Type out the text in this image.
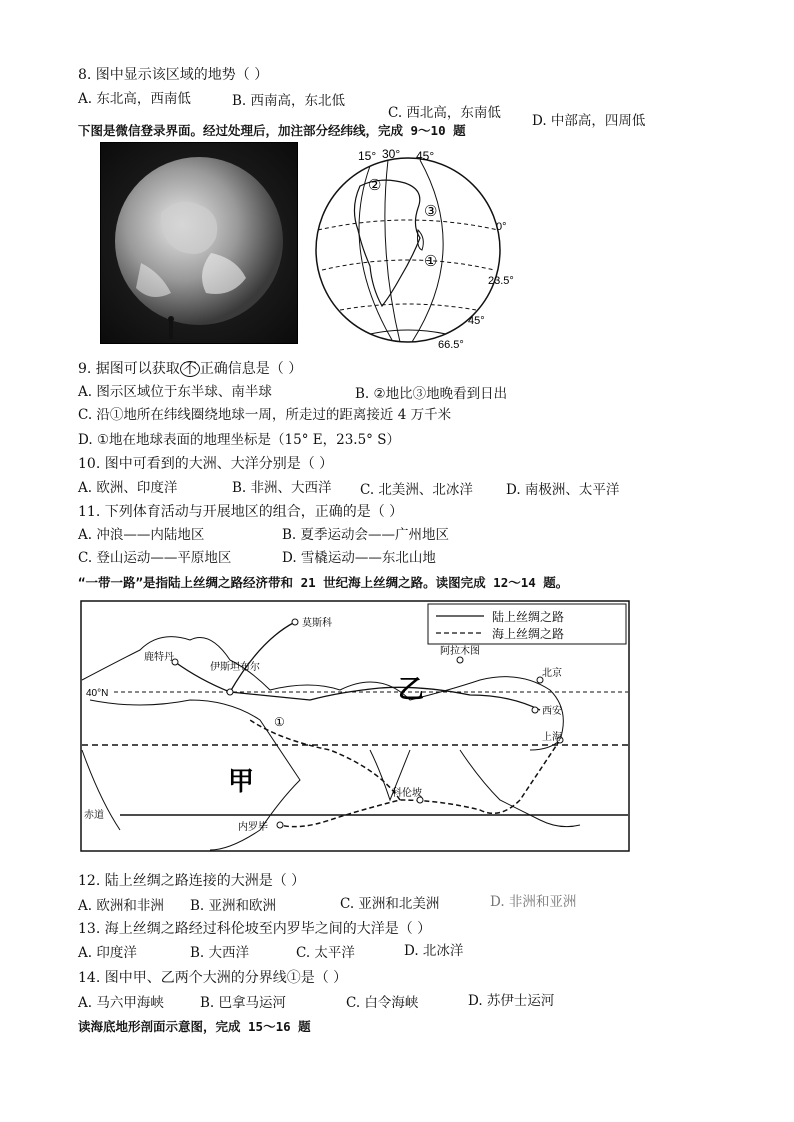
8. 图中显示该区域的地势（ ）
A. 东北高，西南低	B. 西南高，东北低
C. 西北高，东南低 D. 中部高，四周低
下图是微信登录界面。经过处理后，加注部分经纬线，完成 9～10 题
15° 30° 45°
0°
23.5°
45°
66.5°
②
③
①
9. 据图可以获取 不 正确信息是（ ）
A. 图示区域位于东半球、南半球	B. ②地比③地晚看到日出
C. 沿①地所在纬线圈绕地球一周，所走过的距离接近 4 万千米
D. ①地在地球表面的地理坐标是（15° E，23.5° S）
10. 图中可看到的大洲、大洋分别是（ ）
A. 欧洲、印度洋	B. 非洲、大西洋 C. 北美洲、北冰洋 D. 南极洲、太平洋
11. 下列体育活动与开展地区的组合，正确的是（ ）
A. 冲浪——内陆地区	B. 夏季运动会——广州地区
C. 登山运动——平原地区	D. 雪橇运动——东北山地
“一带一路”是指陆上丝绸之路经济带和 21 世纪海上丝绸之路。读图完成 12～14 题。
陆上丝绸之路
海上丝绸之路
40°N
赤道
莫斯科
鹿特丹
伊斯坦布尔
阿拉木图
北京
西安
上海
科伦坡
内罗毕
甲
乙
①
12. 陆上丝绸之路连接的大洲是（ ）
A. 欧洲和非洲 B. 亚洲和欧洲	C. 亚洲和北美洲	D. 非洲和亚洲
13. 海上丝绸之路经过科伦坡至内罗毕之间的大洋是（ ）
A. 印度洋	B. 大西洋	C. 太平洋	D. 北冰洋
14. 图中甲、乙两个大洲的分界线①是（ ）
A. 马六甲海峡	B. 巴拿马运河	C. 白令海峡	D. 苏伊士运河
读海底地形剖面示意图，完成 15～16 题
